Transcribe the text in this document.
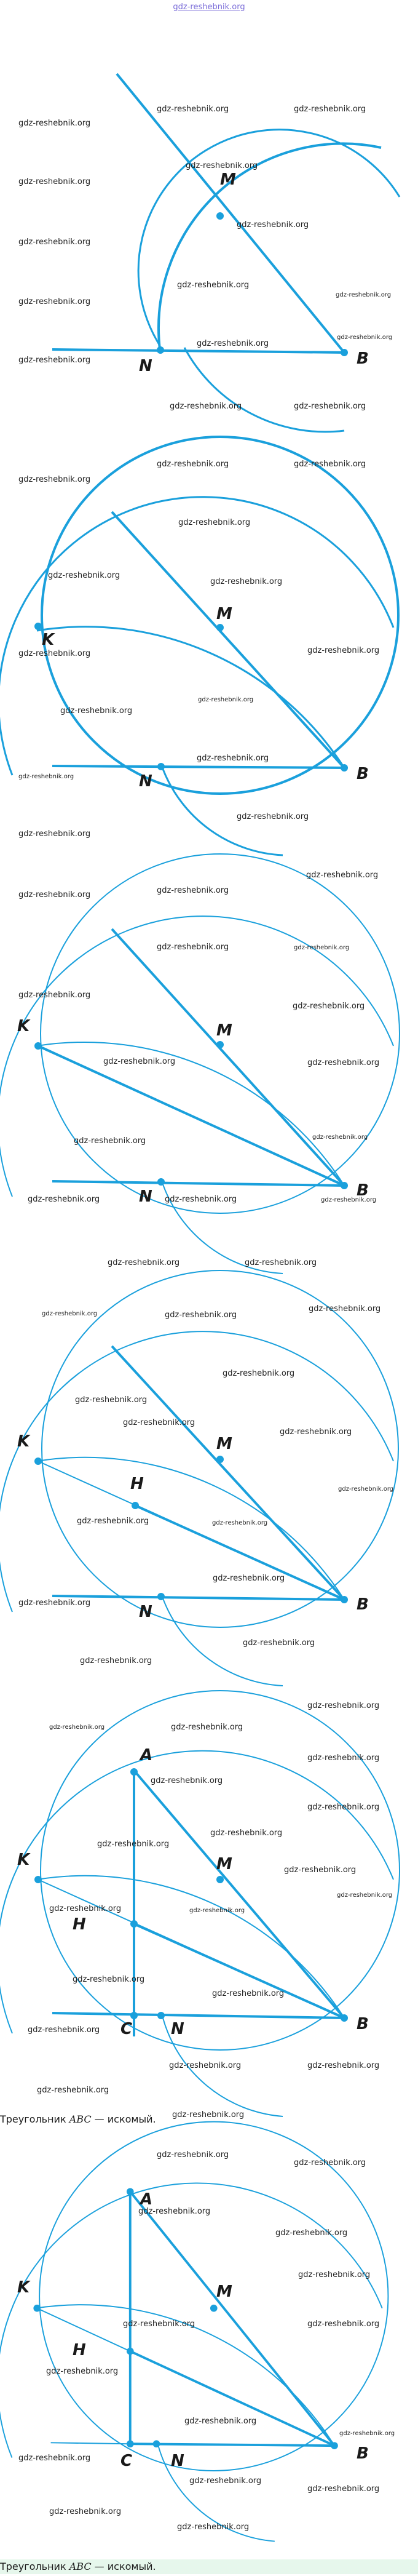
gdz-reshebnik.org
M
N	B
gdz-reshebnik.org
gdz-reshebnik.org	gdz-reshebnik.org
gdz-reshebnik.org
gdz-reshebnik.org
gdz-reshebnik.org
gdz-reshebnik.org
gdz-reshebnik.org
gdz-reshebnik.org
gdz-reshebnik.org
gdz-reshebnik.org
gdz-reshebnik.org
gdz-reshebnik.org
gdz-reshebnik.org	gdz-reshebnik.org
K
M
N	B
gdz-reshebnik.org
gdz-reshebnik.org	gdz-reshebnik.org
gdz-reshebnik.org
gdz-reshebnik.org
gdz-reshebnik.org
gdz-reshebnik.org	gdz-reshebnik.org
gdz-reshebnik.org
gdz-reshebnik.org
gdz-reshebnik.org
gdz-reshebnik.org
gdz-reshebnik.org
gdz-reshebnik.org
K	M
N	B
gdz-reshebnik.org	gdz-reshebnik.org
gdz-reshebnik.org
gdz-reshebnik.org	gdz-reshebnik.org
gdz-reshebnik.org
gdz-reshebnik.org
gdz-reshebnik.org	gdz-reshebnik.org
gdz-reshebnik.org	gdz-reshebnik.org
gdz-reshebnik.org	gdz-reshebnik.org	gdz-reshebnik.org
gdz-reshebnik.org	gdz-reshebnik.org
K
H
M
N	B
gdz-reshebnik.org	gdz-reshebnik.org
gdz-reshebnik.org
gdz-reshebnik.org
gdz-reshebnik.org
gdz-reshebnik.org
gdz-reshebnik.org
gdz-reshebnik.org
gdz-reshebnik.org	gdz-reshebnik.org
gdz-reshebnik.org
gdz-reshebnik.org
gdz-reshebnik.org
gdz-reshebnik.org
A
K
H
M
C N	B
gdz-reshebnik.org	gdz-reshebnik.org
gdz-reshebnik.org
gdz-reshebnik.org
gdz-reshebnik.org
gdz-reshebnik.org
gdz-reshebnik.org
gdz-reshebnik.org
gdz-reshebnik.org
gdz-reshebnik.org
gdz-reshebnik.org	gdz-reshebnik.org
gdz-reshebnik.org
gdz-reshebnik.org
gdz-reshebnik.org
gdz-reshebnik.org	gdz-reshebnik.org
gdz-reshebnik.org
gdz-reshebnik.org
Треугольник ABC — искомый.
A
K
H
M
C N	B
gdz-reshebnik.org
gdz-reshebnik.org
gdz-reshebnik.org
gdz-reshebnik.org
gdz-reshebnik.org
gdz-reshebnik.org	gdz-reshebnik.org
gdz-reshebnik.org
gdz-reshebnik.org
gdz-reshebnik.org
gdz-reshebnik.org
gdz-reshebnik.org
gdz-reshebnik.org
gdz-reshebnik.org
gdz-reshebnik.org
Треугольник ABC — искомый.
